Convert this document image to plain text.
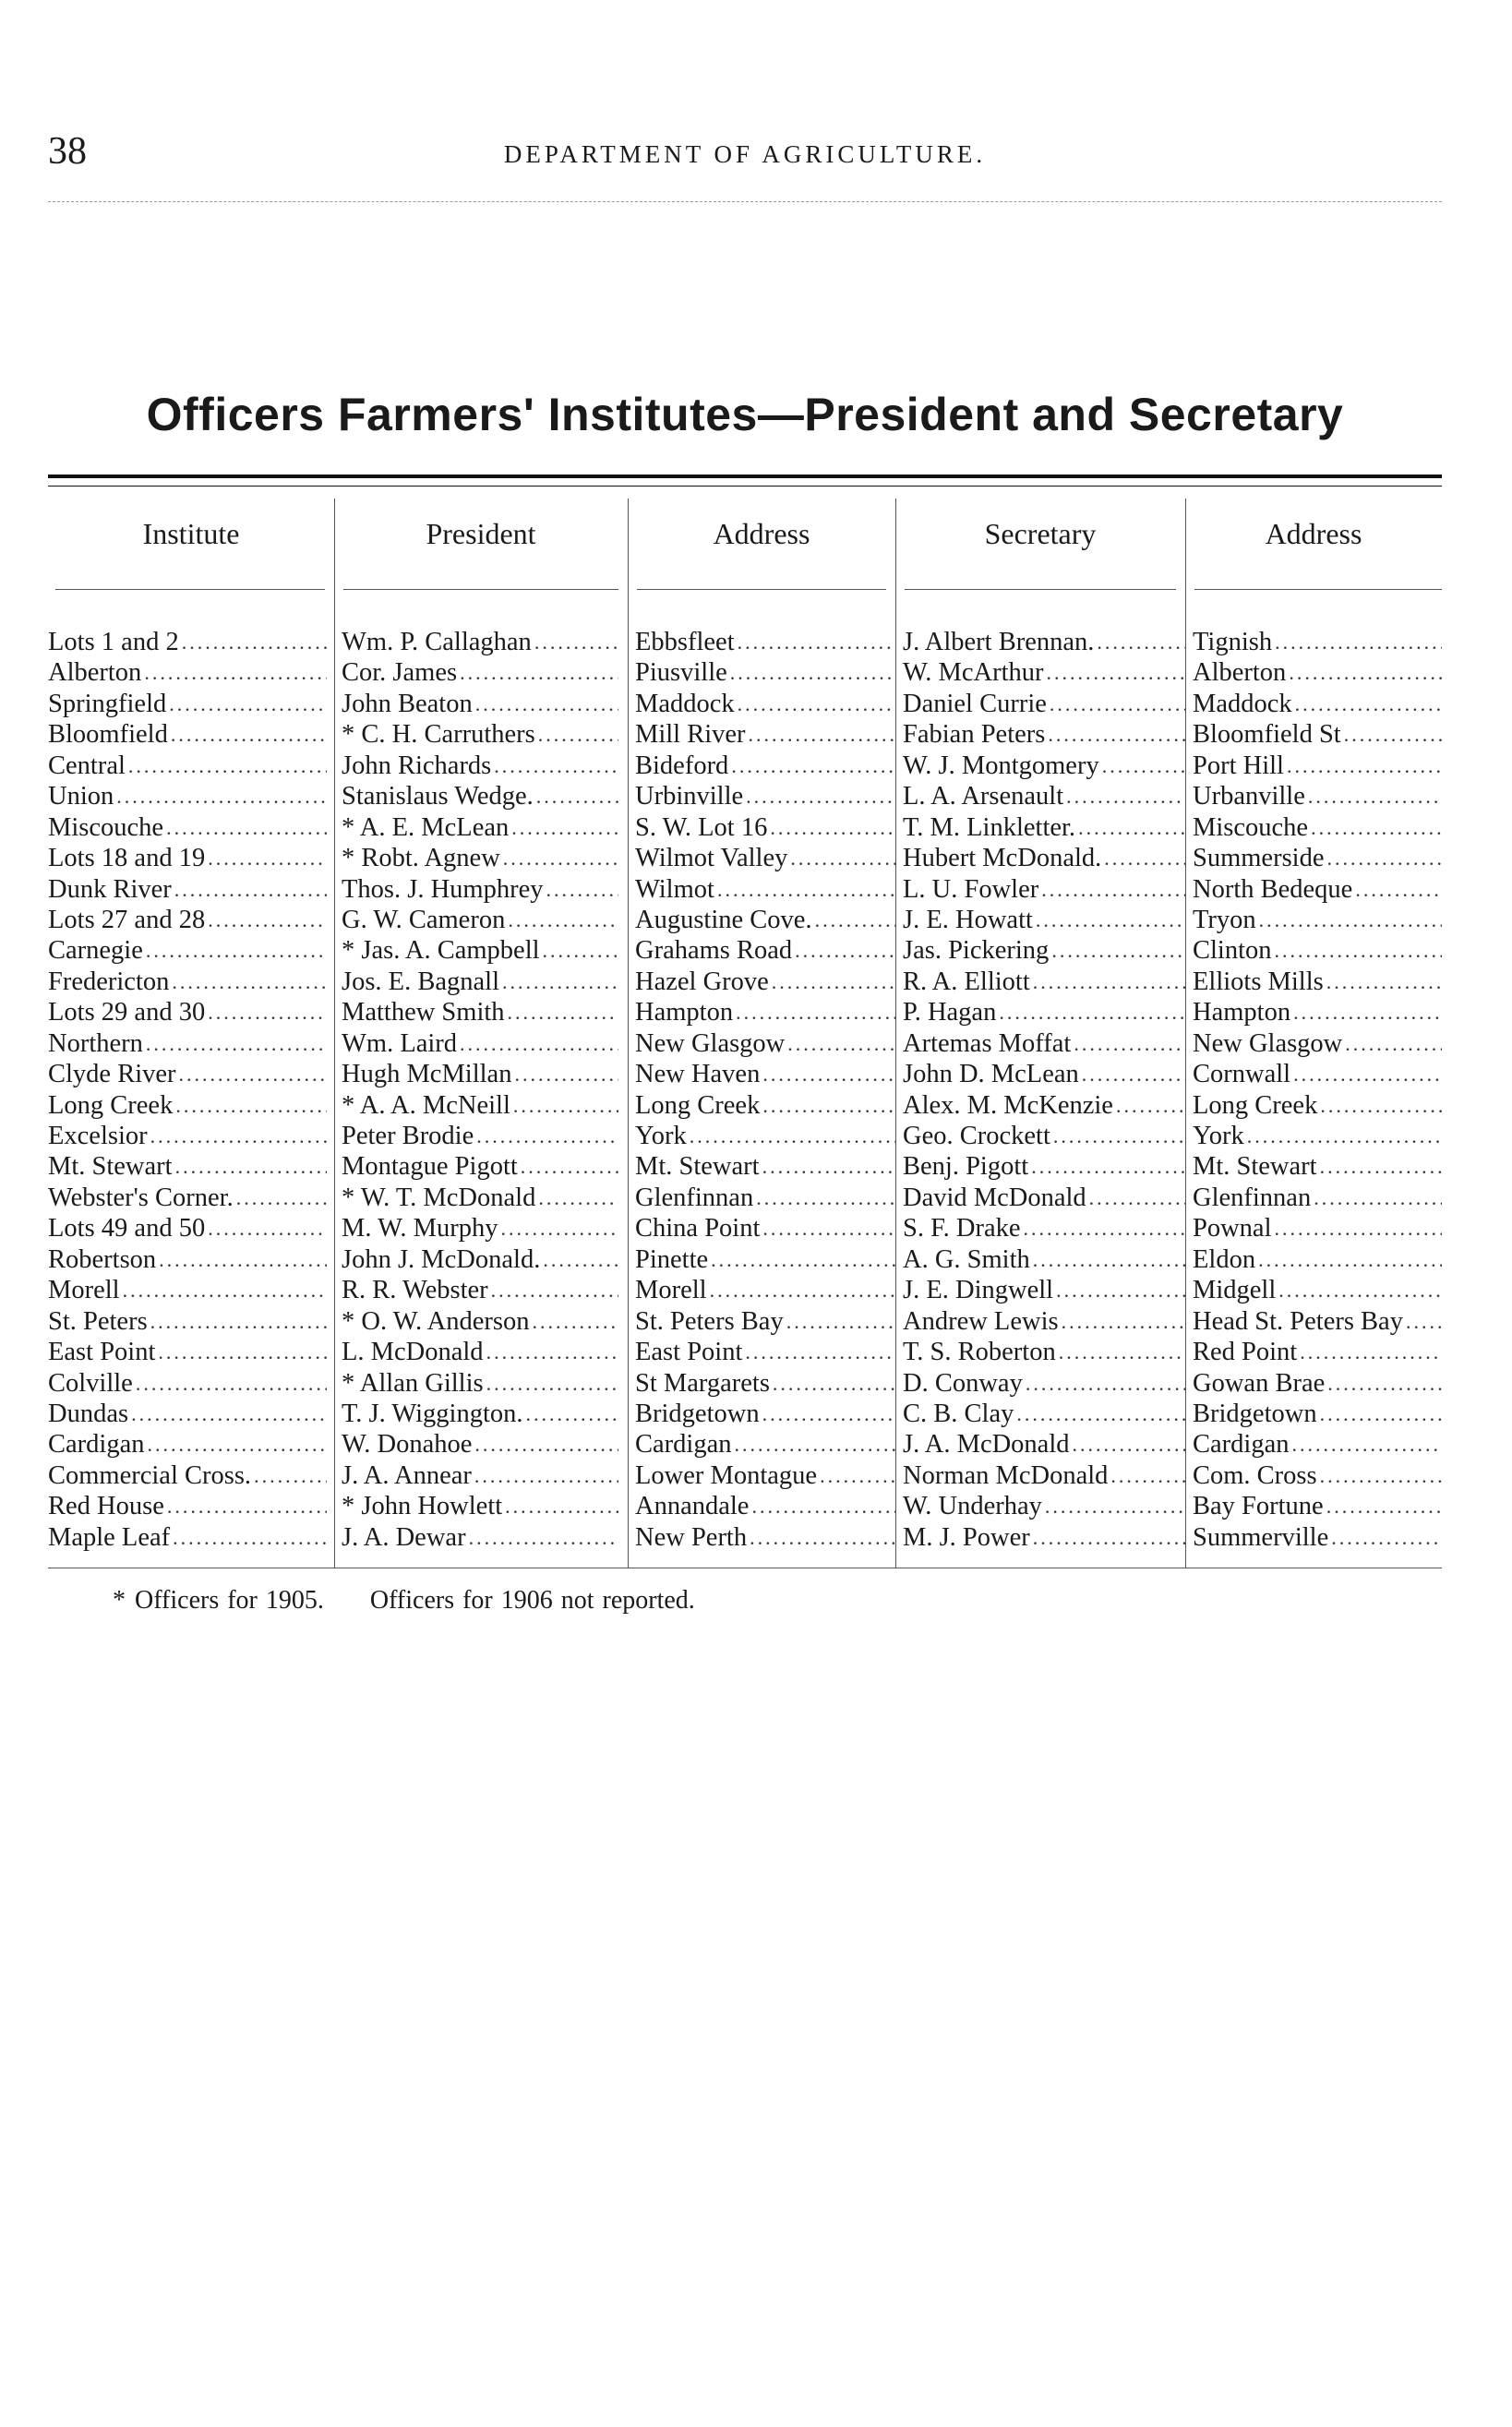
38	DEPARTMENT OF AGRICULTURE.
Officers Farmers' Institutes—President and Secretary
Institute	President	Address	Secretary	Address
Lots 1 and 2 .....	Wm. P. Callaghan .....	Ebbsfleet .....	J. Albert Brennan. .....	Tignish
.....
Alberton .....	Cor. James .....	Piusville .....	W. McArthur .....	Alberton
.....
Springfield .....	John Beaton .....	Maddock .....	Daniel Currie .....	Maddock
.....
Bloomfield .....	* C. H. Carruthers .....	Mill River .....	Fabian Peters .....	Bloomfield St
.....
Central .....	John Richards .....	Bideford .....	W. J. Montgomery .....	Port Hill
.....
Union .....	Stanislaus Wedge. .....	Urbinville .....	L. A. Arsenault .....	Urbanville
.....
Miscouche .....	* A. E. McLean .....	S. W. Lot 16 .....	T. M. Linkletter. .....	Miscouche
.....
Lots 18 and 19 .....	* Robt. Agnew .....	Wilmot Valley .....	Hubert McDonald. .....	Summerside
.....
Dunk River .....	Thos. J. Humphrey .....	Wilmot .....	L. U. Fowler .....	North Bedeque
.....
Lots 27 and 28 .....	G. W. Cameron .....	Augustine Cove. .....	J. E. Howatt .....	Tryon
.....
Carnegie .....	* Jas. A. Campbell .....	Grahams Road .....	Jas. Pickering .....	Clinton
.....
Fredericton .....	Jos. E. Bagnall .....	Hazel Grove .....	R. A. Elliott .....	Elliots Mills
.....
Lots 29 and 30 .....	Matthew Smith .....	Hampton .....	P. Hagan .....	Hampton
.....
Northern .....	Wm. Laird .....	New Glasgow .....	Artemas Moffat .....	New Glasgow
.....
Clyde River .....	Hugh McMillan .....	New Haven .....	John D. McLean .....	Cornwall
.....
Long Creek .....	* A. A. McNeill .....	Long Creek .....	Alex. M. McKenzie .....	Long Creek
.....
Excelsior .....	Peter Brodie .....	York .....	Geo. Crockett .....	York
.....
Mt. Stewart .....	Montague Pigott .....	Mt. Stewart .....	Benj. Pigott .....	Mt. Stewart
.....
Webster's Corner. .....	* W. T. McDonald .....	Glenfinnan .....	David McDonald .....	Glenfinnan
.....
Lots 49 and 50 .....	M. W. Murphy .....	China Point .....	S. F. Drake .....	Pownal
.....
Robertson .....	John J. McDonald. .....	Pinette .....	A. G. Smith .....	Eldon
.....
Morell .....	R. R. Webster .....	Morell .....	J. E. Dingwell .....	Midgell
.....
St. Peters .....	* O. W. Anderson .....	St. Peters Bay .....	Andrew Lewis .....	Head St. Peters Bay
.....
East Point .....	L. McDonald .....	East Point .....	T. S. Roberton .....	Red Point
.....
Colville .....	* Allan Gillis .....	St Margarets .....	D. Conway .....	Gowan Brae
.....
Dundas .....	T. J. Wiggington. .....	Bridgetown .....	C. B. Clay .....	Bridgetown
.....
Cardigan .....	W. Donahoe .....	Cardigan .....	J. A. McDonald .....	Cardigan
.....
Commercial Cross. .....	J. A. Annear .....	Lower Montague .....	Norman McDonald .....	Com. Cross
.....
Red House .....	* John Howlett .....	Annandale .....	W. Underhay .....	Bay Fortune
.....
Maple Leaf .....	J. A. Dewar .....	New Perth .....	M. J. Power .....	Summerville
.....
* Officers for 1905. Officers for 1906 not reported.
